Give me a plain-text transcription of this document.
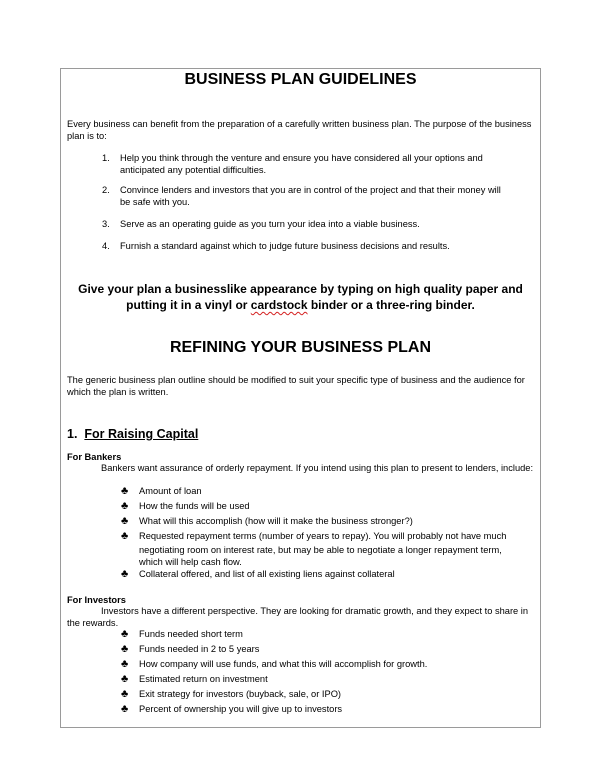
BUSINESS PLAN GUIDELINES
Every business can benefit from the preparation of a carefully written business plan. The purpose of the business plan is to:
1. Help you think through the venture and ensure you have considered all your options and
anticipated any potential difficulties.
2. Convince lenders and investors that you are in control of the project and that their money will
be safe with you.
3. Serve as an operating guide as you turn your idea into a viable business.
4. Furnish a standard against which to judge future business decisions and results.
Give your plan a businesslike appearance by typing on high quality paper and
putting it in a vinyl or cardstock binder or a three-ring binder.
REFINING YOUR BUSINESS PLAN
The generic business plan outline should be modified to suit your specific type of business and the audience for which the plan is written.
1. For Raising Capital
For Bankers
Bankers want assurance of orderly repayment. If you intend using this plan to present to lenders, include:
♣ Amount of loan
♣ How the funds will be used
♣ What will this accomplish (how will it make the business stronger?)
♣ Requested repayment terms (number of years to repay). You will probably not have much
negotiating room on interest rate, but may be able to negotiate a longer repayment term,
which will help cash flow.
♣ Collateral offered, and list of all existing liens against collateral
For Investors
Investors have a different perspective. They are looking for dramatic growth, and they expect to share in the rewards.
♣ Funds needed short term
♣ Funds needed in 2 to 5 years
♣ How company will use funds, and what this will accomplish for growth.
♣ Estimated return on investment
♣ Exit strategy for investors (buyback, sale, or IPO)
♣ Percent of ownership you will give up to investors
